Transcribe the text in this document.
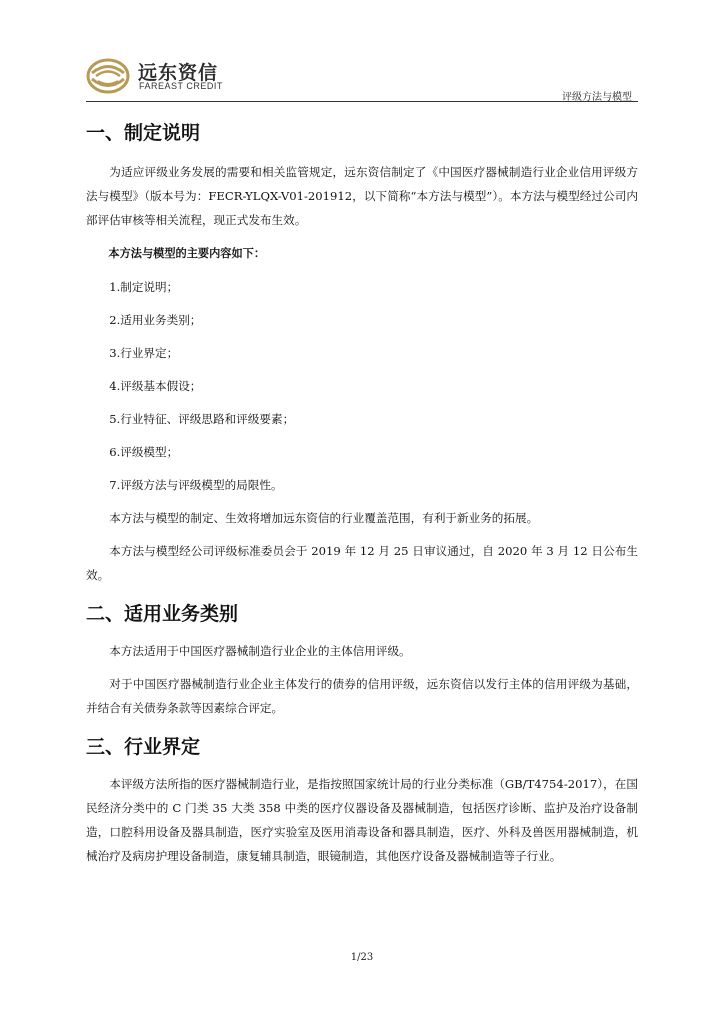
远东资信
FAREAST CREDIT
评级方法与模型
一、制定说明

为适应评级业务发展的需要和相关监管规定，远东资信制定了《中国医疗器械制造行业企业信用评级方法与模型》（版本号为：FECR-YLQX-V01-201912，以下简称“本方法与模型”）。本方法与模型经过公司内部评估审核等相关流程，现正式发布生效。

本方法与模型的主要内容如下：

1.制定说明；

2.适用业务类别；

3.行业界定；

4.评级基本假设；

5.行业特征、评级思路和评级要素；

6.评级模型；

7.评级方法与评级模型的局限性。

本方法与模型的制定、生效将增加远东资信的行业覆盖范围，有利于新业务的拓展。

本方法与模型经公司评级标准委员会于 2019 年 12 月 25 日审议通过，自 2020 年 3 月 12 日公布生效。

二、适用业务类别

本方法适用于中国医疗器械制造行业企业的主体信用评级。

对于中国医疗器械制造行业企业主体发行的债券的信用评级，远东资信以发行主体的信用评级为基础，并结合有关债券条款等因素综合评定。

三、行业界定

本评级方法所指的医疗器械制造行业，是指按照国家统计局的行业分类标准（GB/T4754-2017），在国民经济分类中的 C 门类 35 大类 358 中类的医疗仪器设备及器械制造，包括医疗诊断、监护及治疗设备制造，口腔科用设备及器具制造，医疗实验室及医用消毒设备和器具制造，医疗、外科及兽医用器械制造，机械治疗及病房护理设备制造，康复辅具制造，眼镜制造，其他医疗设备及器械制造等子行业。

1/23
